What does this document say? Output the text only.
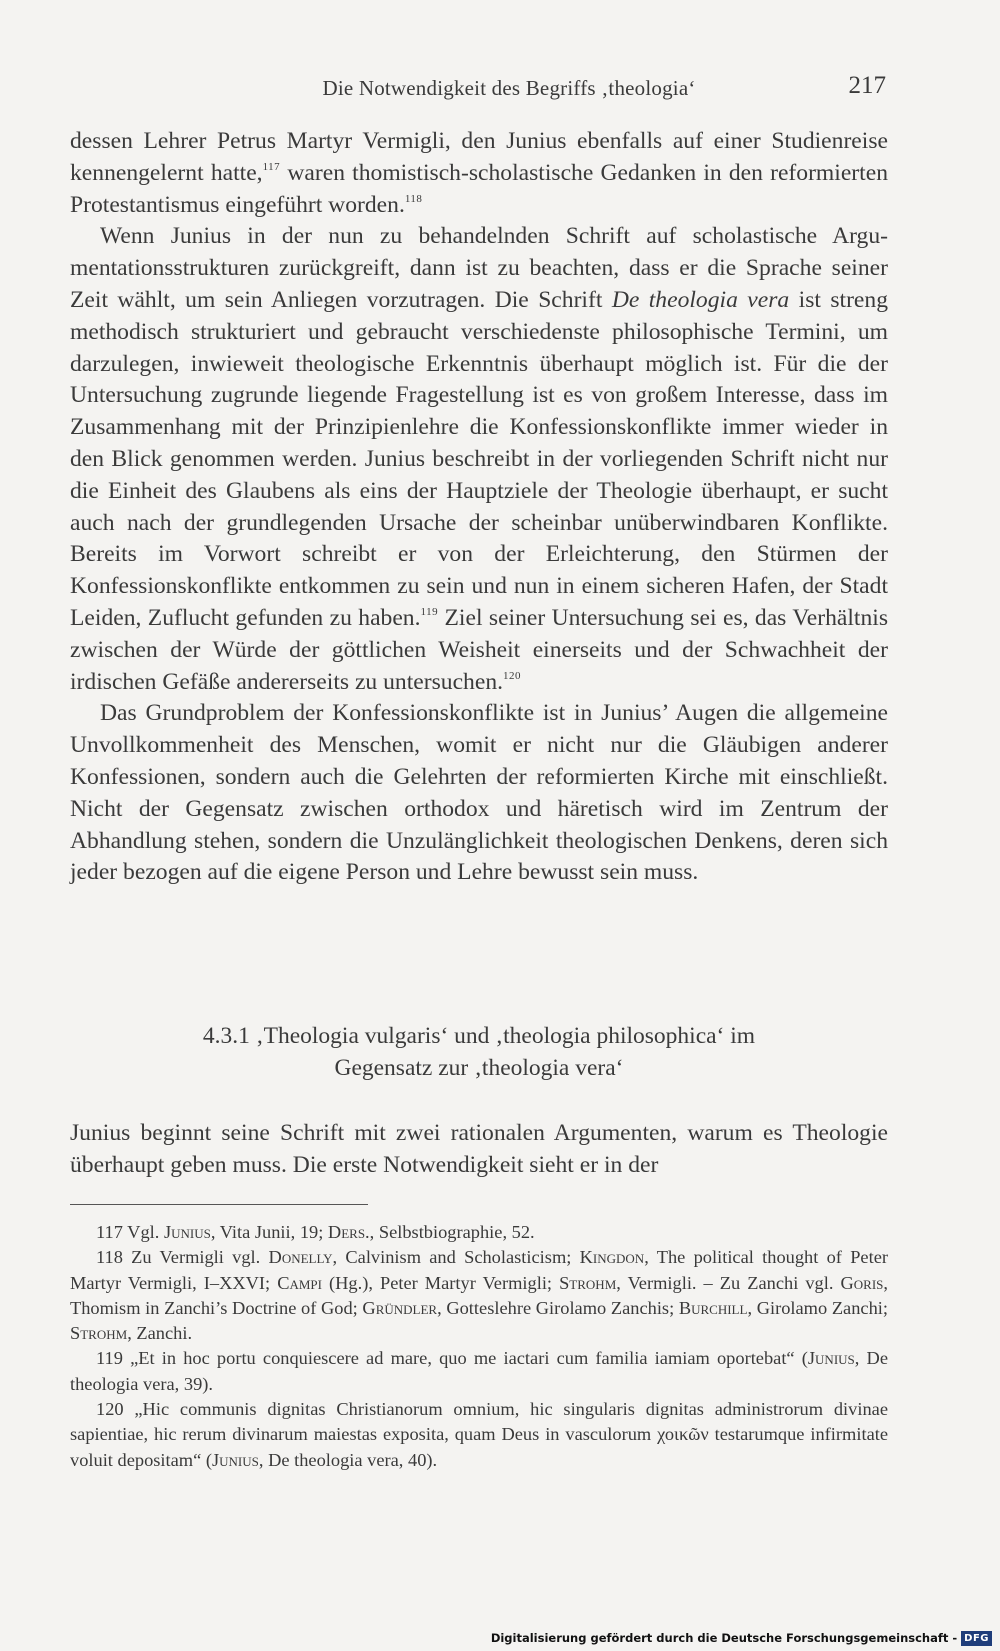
Die Notwendigkeit des Begriffs ‚theologia‘	217

dessen Lehrer Petrus Martyr Vermigli, den Junius ebenfalls auf einer Studienreise kennengelernt hatte,$^{117}$ waren thomistisch-scholastische Gedanken in den reformierten Protestantismus eingeführt worden.$^{118}$

Wenn Junius in der nun zu behandelnden Schrift auf scholastische Argumentationsstrukturen zurückgreift, dann ist zu beachten, dass er die Sprache seiner Zeit wählt, um sein Anliegen vorzutragen. Die Schrift De theologia vera ist streng methodisch strukturiert und gebraucht verschiedenste philosophische Termini, um darzulegen, inwieweit theologische Erkenntnis überhaupt möglich ist. Für die der Untersuchung zugrunde liegende Fragestellung ist es von großem Interesse, dass im Zusammenhang mit der Prinzipienlehre die Konfessionskonflikte immer wieder in den Blick genommen werden. Junius beschreibt in der vorliegenden Schrift nicht nur die Einheit des Glaubens als eins der Hauptziele der Theologie überhaupt, er sucht auch nach der grundlegenden Ursache der scheinbar unüberwindbaren Konflikte. Bereits im Vorwort schreibt er von der Erleichterung, den Stürmen der Konfessionskonflikte entkommen zu sein und nun in einem sicheren Hafen, der Stadt Leiden, Zuflucht gefunden zu haben.$^{119}$ Ziel seiner Untersuchung sei es, das Verhältnis zwischen der Würde der göttlichen Weisheit einerseits und der Schwachheit der irdischen Gefäße andererseits zu untersuchen.$^{120}$

Das Grundproblem der Konfessionskonflikte ist in Junius’ Augen die allgemeine Unvollkommenheit des Menschen, womit er nicht nur die Gläubigen anderer Konfessionen, sondern auch die Gelehrten der reformierten Kirche mit einschließt. Nicht der Gegensatz zwischen orthodox und häretisch wird im Zentrum der Abhandlung stehen, sondern die Unzulänglichkeit theologischen Denkens, deren sich jeder bezogen auf die eigene Person und Lehre bewusst sein muss.

4.3.1 ‚Theologia vulgaris‘ und ‚theologia philosophica‘ im
Gegensatz zur ‚theologia vera‘

Junius beginnt seine Schrift mit zwei rationalen Argumenten, warum es Theologie überhaupt geben muss. Die erste Notwendigkeit sieht er in der

117 Vgl. Junius, Vita Junii, 19; Ders., Selbstbiographie, 52.

118 Zu Vermigli vgl. Donelly, Calvinism and Scholasticism; Kingdon, The political thought of Peter Martyr Vermigli, I–XXVI; Campi (Hg.), Peter Martyr Vermigli; Strohm, Vermigli. – Zu Zanchi vgl. Goris, Thomism in Zanchi’s Doctrine of God; Gründler, Gotteslehre Girolamo Zanchis; Burchill, Girolamo Zanchi; Strohm, Zanchi.

119 „Et in hoc portu conquiescere ad mare, quo me iactari cum familia iamiam oportebat“ (Junius, De theologia vera, 39).

120 „Hic communis dignitas Christianorum omnium, hic singularis dignitas administrorum divinae sapientiae, hic rerum divinarum maiestas exposita, quam Deus in vasculorum χοικῶν testarumque infirmitate voluit depositam“ (Junius, De theologia vera, 40).

Digitalisierung gefördert durch die Deutsche Forschungsgemeinschaft - DFG
